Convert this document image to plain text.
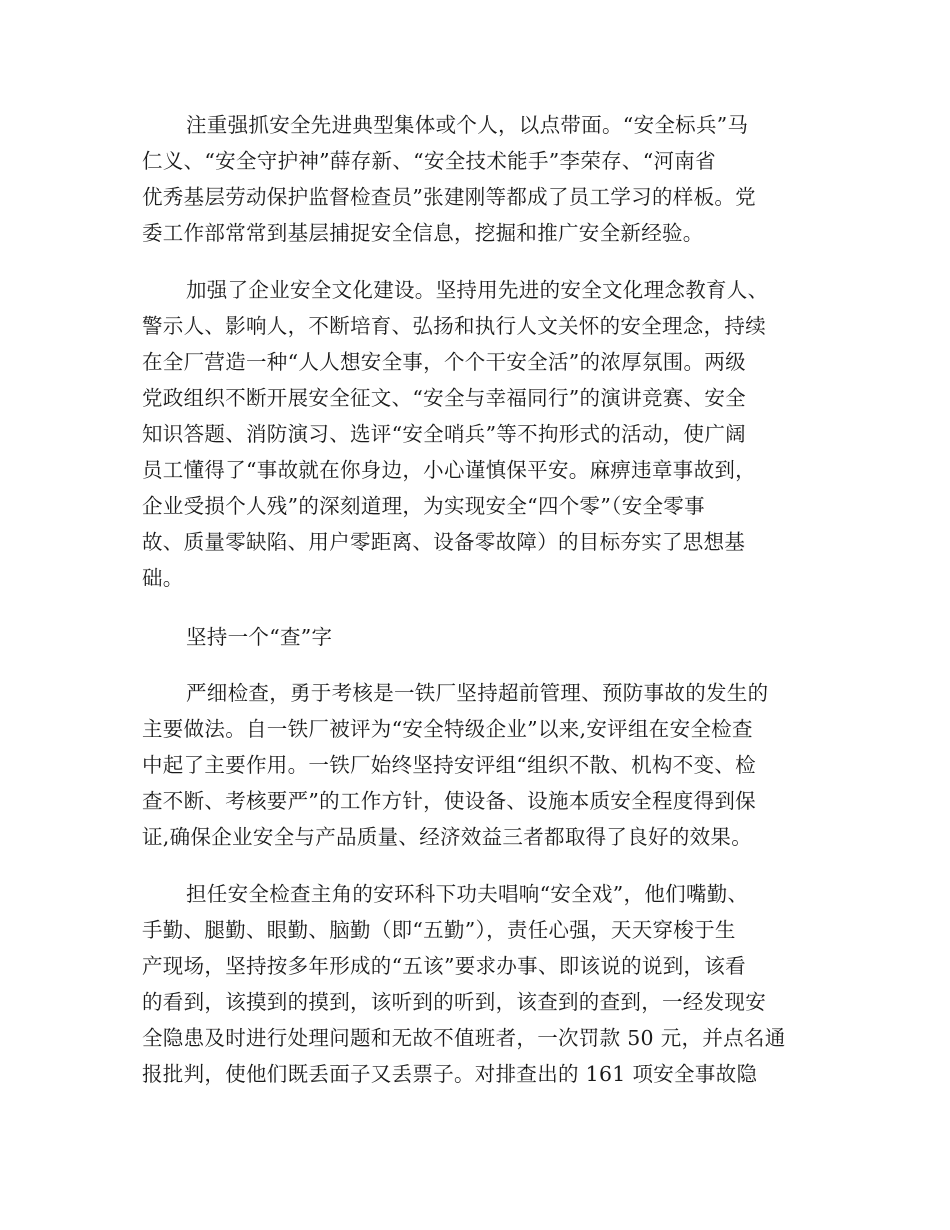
注重强抓安全先进典型集体或个人，以点带面。“安全标兵”马
仁义、“安全守护神”薛存新、“安全技术能手”李荣存、“河南省
优秀基层劳动保护监督检查员”张建刚等都成了员工学习的样板。党
委工作部常常到基层捕捉安全信息，挖掘和推广安全新经验。
加强了企业安全文化建设。坚持用先进的安全文化理念教育人、
警示人、影响人，不断培育、弘扬和执行人文关怀的安全理念，持续
在全厂营造一种“人人想安全事，个个干安全活”的浓厚氛围。两级
党政组织不断开展安全征文、“安全与幸福同行”的演讲竞赛、安全
知识答题、消防演习、选评“安全哨兵”等不拘形式的活动，使广阔
员工懂得了“事故就在你身边，小心谨慎保平安。麻痹违章事故到，
企业受损个人残”的深刻道理，为实现安全“四个零”（安全零事
故、质量零缺陷、用户零距离、设备零故障）的目标夯实了思想基
础。
坚持一个“查”字
严细检查，勇于考核是一铁厂坚持超前管理、预防事故的发生的
主要做法。自一铁厂被评为“安全特级企业”以来,安评组在安全检查
中起了主要作用。一铁厂始终坚持安评组“组织不散、机构不变、检
查不断、考核要严”的工作方针，使设备、设施本质安全程度得到保
证,确保企业安全与产品质量、经济效益三者都取得了良好的效果。
担任安全检查主角的安环科下功夫唱响“安全戏”，他们嘴勤、
手勤、腿勤、眼勤、脑勤（即“五勤”），责任心强，天天穿梭于生
产现场，坚持按多年形成的“五该”要求办事、即该说的说到，该看
的看到，该摸到的摸到，该听到的听到，该查到的查到，一经发现安
全隐患及时进行处理问题和无故不值班者，一次罚款 50 元，并点名通
报批判，使他们既丢面子又丢票子。对排查出的 161 项安全事故隐
